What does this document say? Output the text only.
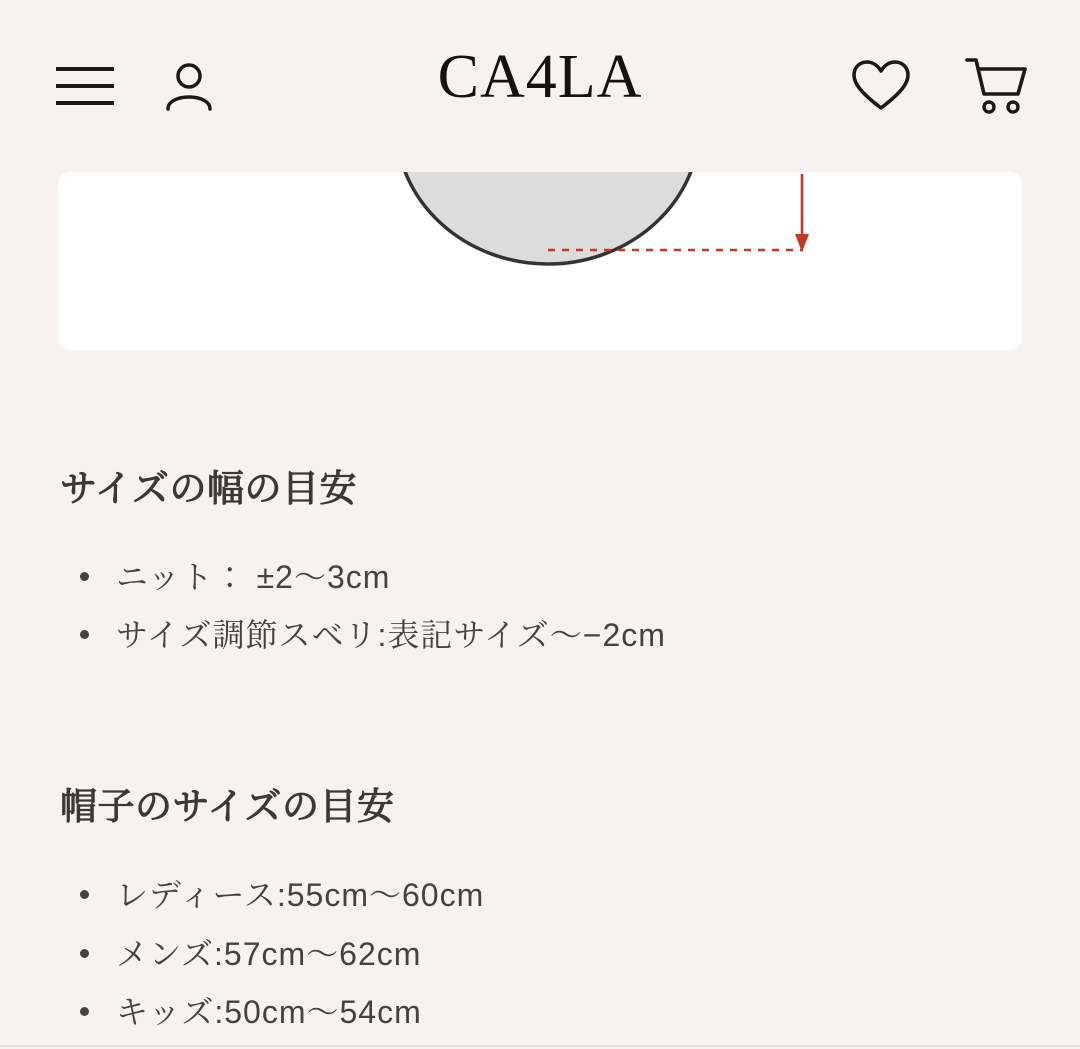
CA4LA
サイズの幅の目安
ニット： ±2〜3cm
サイズ調節スベリ:表記サイズ〜−2cm
帽子のサイズの目安
レディース:55cm〜60cm
メンズ:57cm〜62cm
キッズ:50cm〜54cm
